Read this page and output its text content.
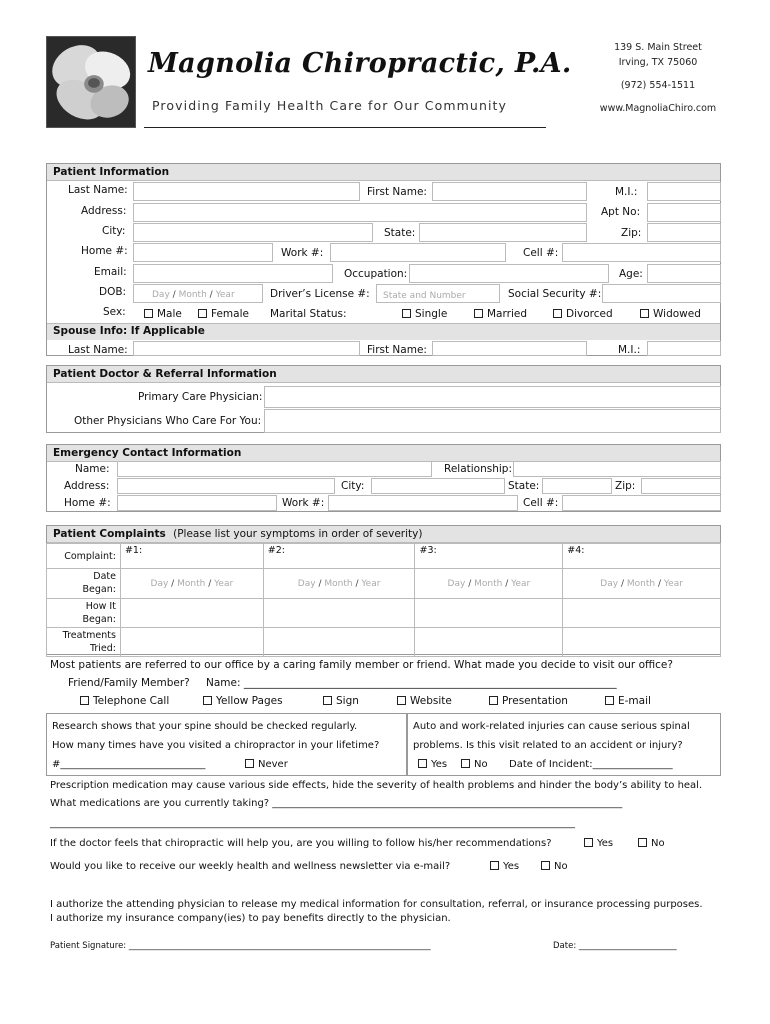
Magnolia Chiropractic, P.A.
Providing Family Health Care for Our Community
139 S. Main Street
Irving, TX 75060
(972) 554-1511
www.MagnoliaChiro.com
Patient Information
Last Name:	First Name:	M.I.:
Address:	Apt No:
City:	State:	Zip:
Home #:	Work #:	Cell #:
Email:	Occupation:	Age:
DOB:	Day / Month / Year	Driver’s License #:	State and Number	Social Security #:
Sex:	Male	Female Marital Status:	Single	Married	Divorced	Widowed
Spouse Info: If Applicable
Last Name:	First Name:	M.I.:
Patient Doctor & Referral Information
Primary Care Physician:
Other Physicians Who Care For You:
Emergency Contact Information
Name:	Relationship:
Address:	City:	State:	Zip:
Home #:	Work #:	Cell #:
Patient Complaints (Please list your symptoms in order of severity)
Complaint:	#1:	#2:	#3:	#4:
Date
Began:	Day / Month / Year	Day / Month / Year	Day / Month / Year	Day / Month / Year
How It
Began:				
Treatments
Tried:				
Most patients are referred to our office by a caring family member or friend. What made you decide to visit our office?
Friend/Family Member? Name: _______________________________________________________________________
Telephone Call	Yellow Pages	Sign	Website	Presentation	E-mail
Research shows that your spine should be checked regularly.
How many times have you visited a chiropractor in your lifetime?
#_____________________________	Never
Auto and work-related injuries can cause serious spinal
problems. Is this visit related to an accident or injury?
Yes	No Date of Incident:________________
Prescription medication may cause various side effects, hide the severity of health problems and hinder the body’s ability to heal.
What medications are you currently taking? ______________________________________________________________________
_________________________________________________________________________________________________________
If the doctor feels that chiropractic will help you, are you willing to follow his/her recommendations?	Yes	No
Would you like to receive our weekly health and wellness newsletter via e-mail?	Yes	No
I authorize the attending physician to release my medical information for consultation, referral, or insurance processing purposes.
I authorize my insurance company(ies) to pay benefits directly to the physician.
Patient Signature: _______________________________________________________________________	Date: _______________________
